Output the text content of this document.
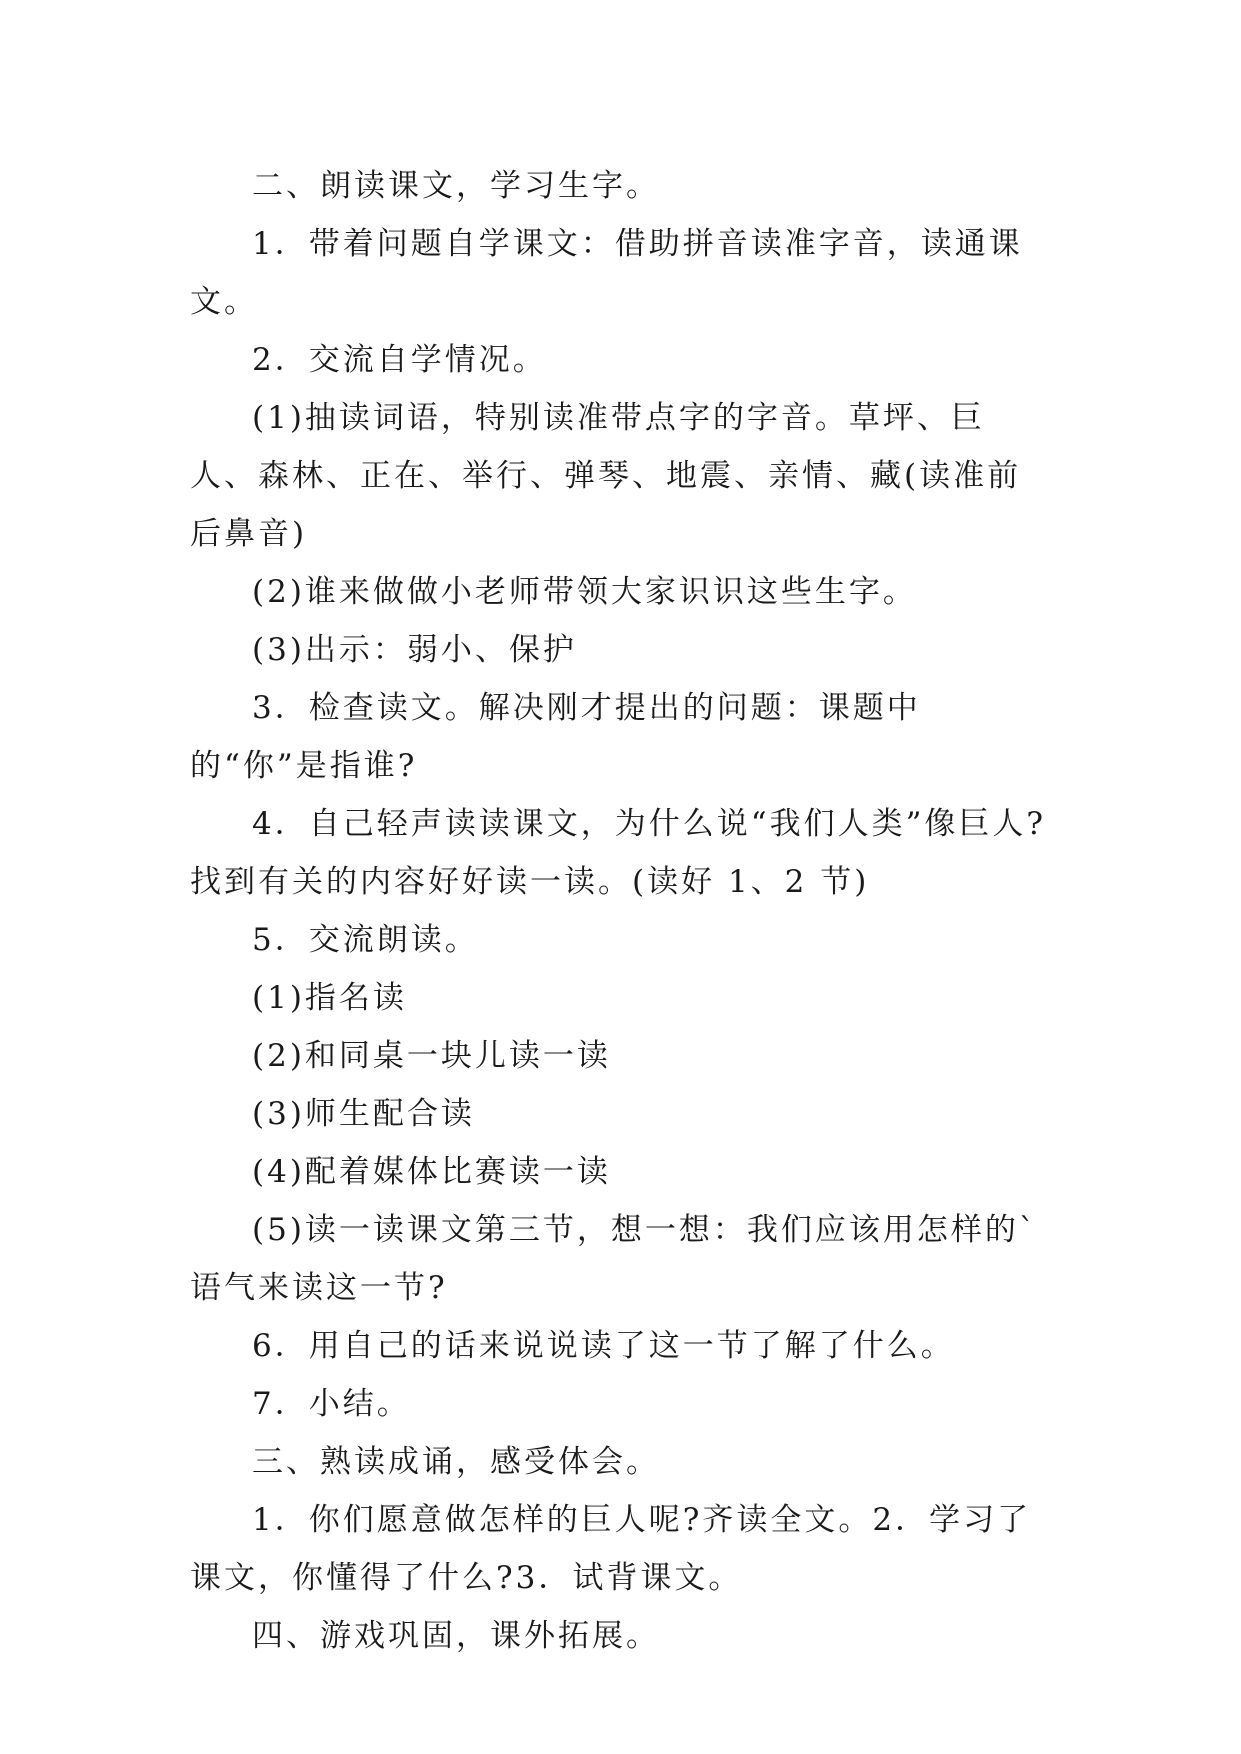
二、朗读课文，学习生字。

1．带着问题自学课文：借助拼音读准字音，读通课文。

2．交流自学情况。

(1)抽读词语，特别读准带点字的字音。草坪、巨人、森林、正在、举行、弹琴、地震、亲情、藏(读准前后鼻音)

(2)谁来做做小老师带领大家识识这些生字。

(3)出示：弱小、保护

3．检查读文。解决刚才提出的问题：课题中的“你”是指谁?

4．自己轻声读读课文，为什么说“我们人类”像巨人?找到有关的内容好好读一读。(读好 1、2 节)

5．交流朗读。

(1)指名读

(2)和同桌一块儿读一读

(3)师生配合读

(4)配着媒体比赛读一读

(5)读一读课文第三节，想一想：我们应该用怎样的`语气来读这一节?

6．用自己的话来说说读了这一节了解了什么。

7．小结。

三、熟读成诵，感受体会。

1．你们愿意做怎样的巨人呢?齐读全文。2．学习了课文，你懂得了什么?3．试背课文。

四、游戏巩固，课外拓展。
